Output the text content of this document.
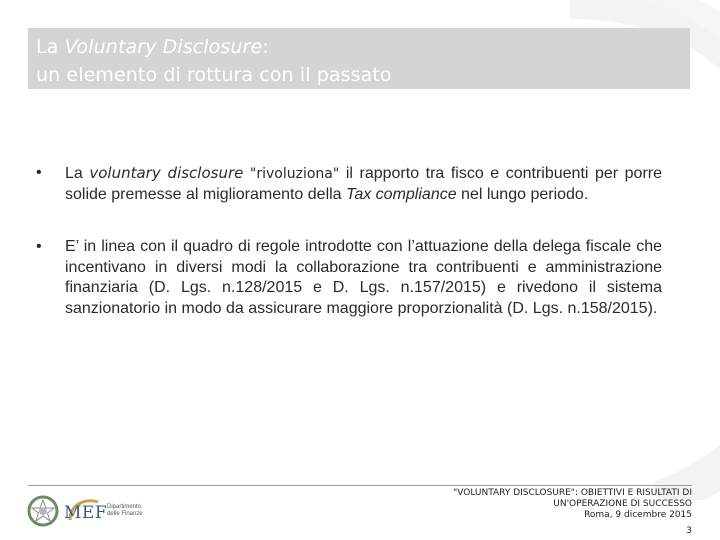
La Voluntary Disclosure:
un elemento di rottura con il passato
• La voluntary disclosure "rivoluziona" il rapporto tra fisco e contribuenti per porre solide premesse al miglioramento della Tax compliance nel lungo periodo.
• E’ in linea con il quadro di regole introdotte con l’attuazione della delega fiscale che incentivano in diversi modi la collaborazione tra contribuenti e amministrazione finanziaria (D. Lgs. n.128/2015 e D. Lgs. n.157/2015) e rivedono il sistema sanzionatorio in modo da assicurare maggiore proporzionalità (D. Lgs. n.158/2015).
MEF Dipartimento
delle Finanze
"VOLUNTARY DISCLOSURE": OBIETTIVI E RISULTATI DI
UN'OPERAZIONE DI SUCCESSO
Roma, 9 dicembre 2015
3
